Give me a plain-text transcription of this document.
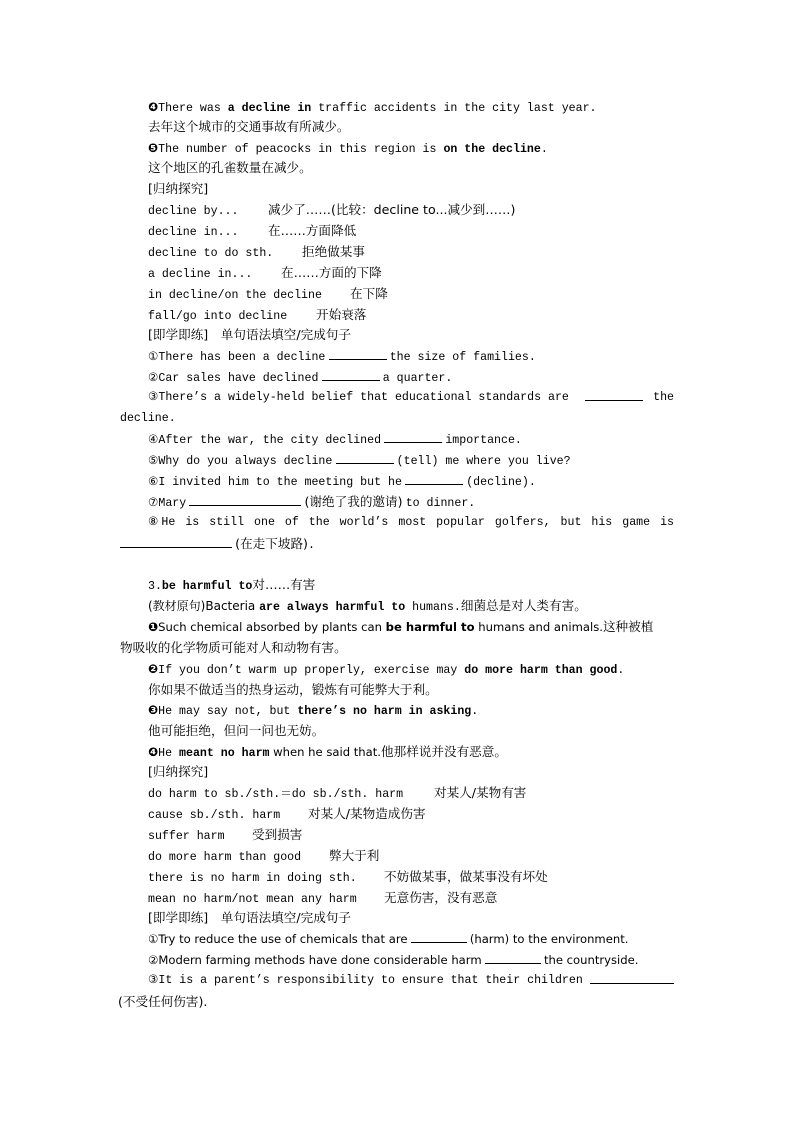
❹There was a decline in traffic accidents in the city last year.
去年这个城市的交通事故有所减少。
❺The number of peacocks in this region is on the decline.
这个地区的孔雀数量在减少。
[归纳探究]
decline by... 减少了……(比较：decline to...减少到……)
decline in... 在……方面降低
decline to do sth. 拒绝做某事
a decline in... 在……方面的下降
in decline/on the decline 在下降
fall/go into decline 开始衰落
[即学即练]　单句语法填空/完成句子
①There has been a decline	the size of families.
②Car sales have declined	a quarter.
③There’s a widely-held belief that educational standards are	the
decline.
④After the war, the city declined	importance.
⑤Why do you always decline	(tell) me where you live?
⑥I invited him to the meeting but he	(decline).
⑦Mary	(谢绝了我的邀请) to dinner.
⑧He is still one of the world’s most popular golfers, but his game is
(在走下坡路).
3.be harmful to对……有害
(教材原句)Bacteria are always harmful to humans.细菌总是对人类有害。
❶Such chemical absorbed by plants can be harmful to humans and animals.这种被植
物吸收的化学物质可能对人和动物有害。
❷If you don’t warm up properly, exercise may do more harm than good.
你如果不做适当的热身运动，锻炼有可能弊大于利。
❸He may say not, but there’s no harm in asking.
他可能拒绝，但问一问也无妨。
❹He meant no harm when he said that.他那样说并没有恶意。
[归纳探究]
do harm to sb./sth.＝do sb./sth. harm 对某人/某物有害
cause sb./sth. harm 对某人/某物造成伤害
suffer harm 受到损害
do more harm than good 弊大于利
there is no harm in doing sth. 不妨做某事，做某事没有坏处
mean no harm/not mean any harm 无意伤害，没有恶意
[即学即练]　单句语法填空/完成句子
①Try to reduce the use of chemicals that are	(harm) to the environment.
②Modern farming methods have done considerable harm	the countryside.
③It is a parent’s responsibility to ensure that their children
(不受任何伤害).
